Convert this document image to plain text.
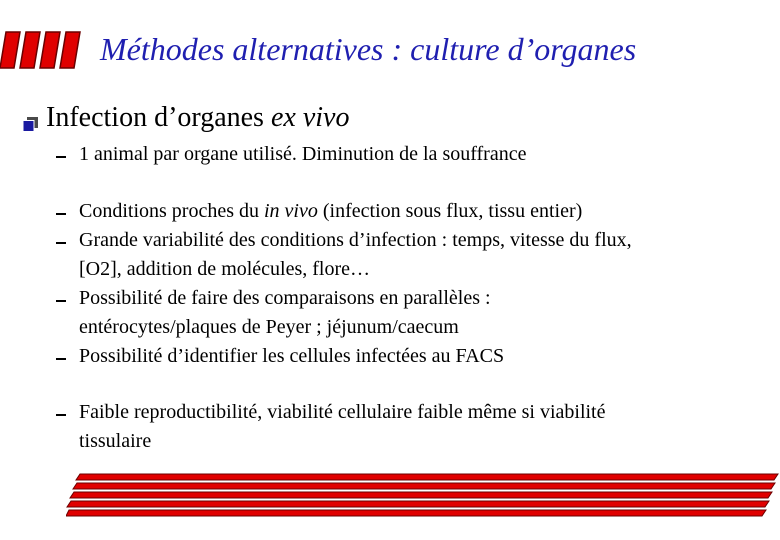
Méthodes alternatives : culture d’organes
Infection d’organes ex vivo
1 animal par organe utilisé. Diminution de la souffrance
Conditions proches du in vivo (infection sous flux, tissu entier)
Grande variabilité des conditions d’infection : temps, vitesse du flux,
[O2], addition de molécules, flore…
Possibilité de faire des comparaisons en parallèles :
entérocytes/plaques de Peyer ; jéjunum/caecum
Possibilité d’identifier les cellules infectées au FACS
Faible reproductibilité, viabilité cellulaire faible même si viabilité
tissulaire
